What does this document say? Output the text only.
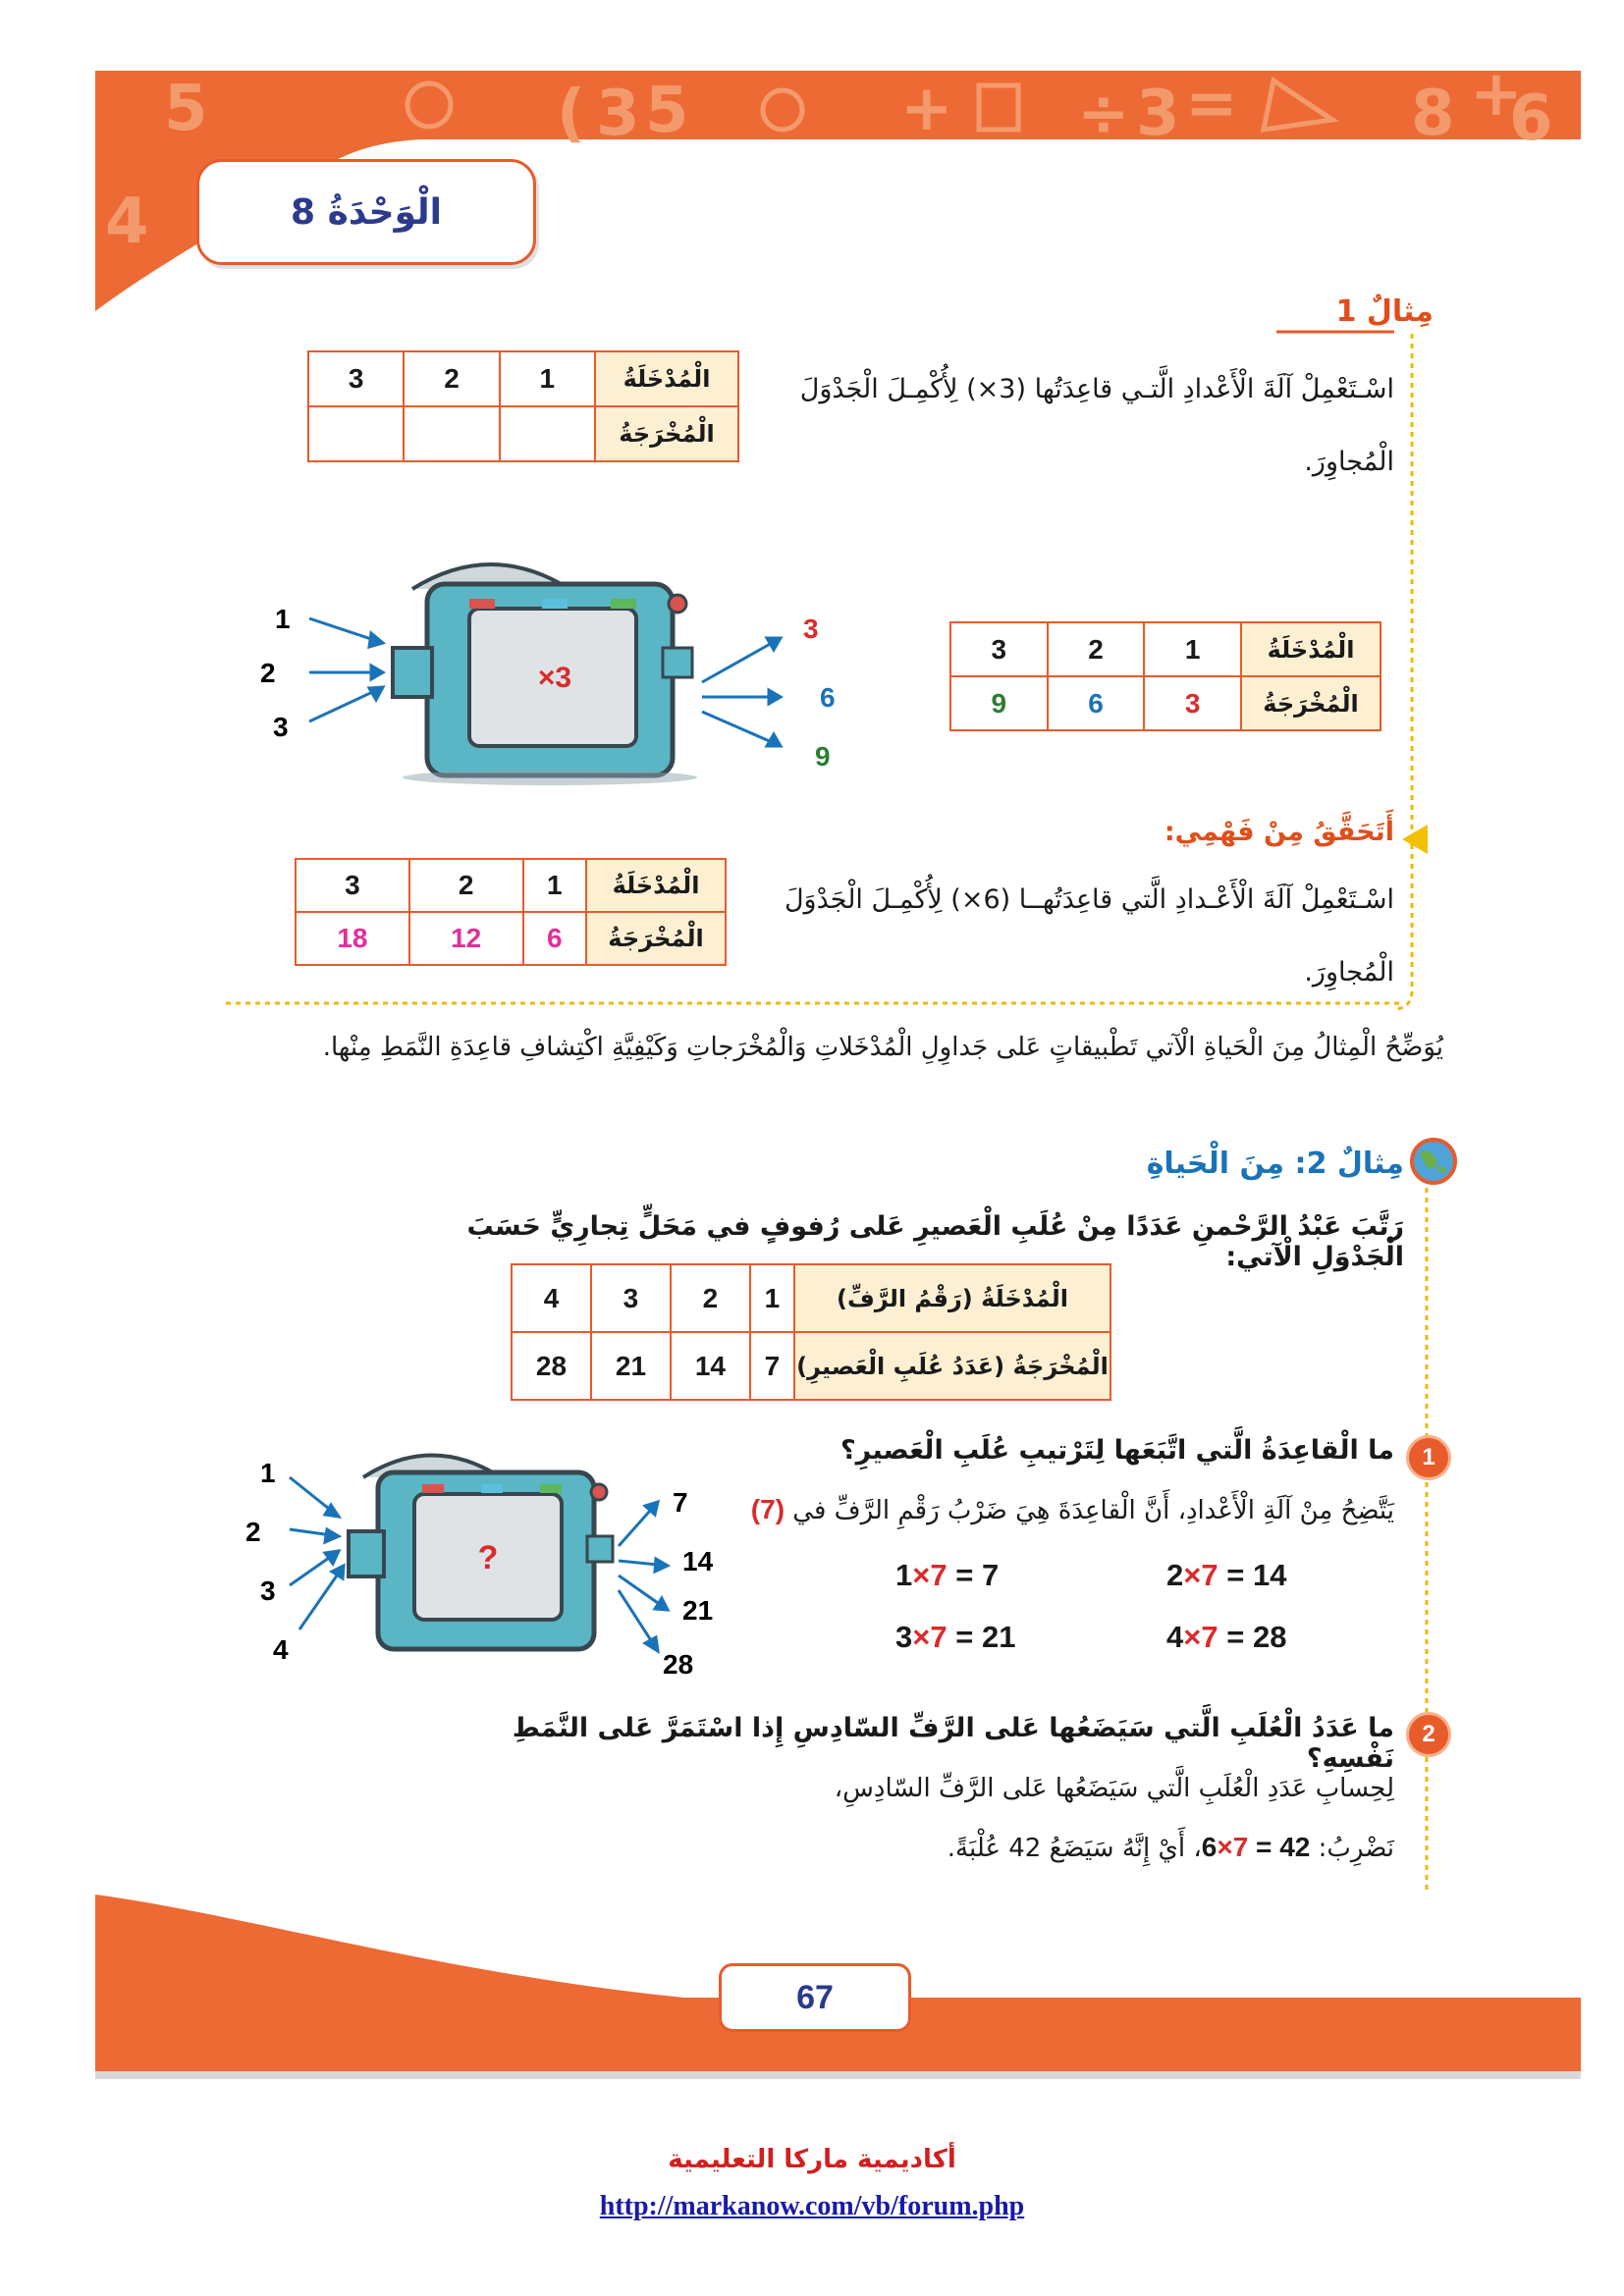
5	( 3 5	+ ÷ 3 =	8 +
6
4	الْوَحْدَةُ 8
مِثالٌ 1
اسْـتَعْمِلْ آلَةَ الْأَعْدادِ الَّتـي قاعِدَتُها (3×) لِأُكْمِـلَ الْجَدْوَلَ
الْمُجاوِرَ.
الْمُدْخَلَةُ	1	2	3
الْمُخْرَجَةُ			
×3
1
2
3
3
6
9
الْمُدْخَلَةُ	1	2	3
الْمُخْرَجَةُ	3	6	9
أَتَحَقَّقُ مِنْ فَهْمِي:
اسْـتَعْمِلْ آلَةَ الْأَعْـدادِ الَّتي قاعِدَتُهــا (6×) لِأُكْمِـلَ الْجَدْوَلَ
الْمُجاوِرَ.
الْمُدْخَلَةُ	1	2	3
الْمُخْرَجَةُ	6	12	18
يُوَضِّحُ الْمِثالُ مِنَ الْحَياةِ الْآتي تَطْبيقاتٍ عَلى جَداوِلِ الْمُدْخَلاتِ وَالْمُخْرَجاتِ وَكَيْفِيَّةِ اكْتِشافِ قاعِدَةِ النَّمَطِ مِنْها.
مِثالٌ 2: مِنَ الْحَياةِ
رَتَّبَ عَبْدُ الرَّحْمنِ عَدَدًا مِنْ عُلَبِ الْعَصيرِ عَلى رُفوفٍ في مَحَلٍّ تِجارِيٍّ حَسَبَ الْجَدْوَلِ الْآتي:
الْمُدْخَلَةُ (رَقْمُ الرَّفِّ)	1	2	3	4
الْمُخْرَجَةُ (عَدَدُ عُلَبِ الْعَصيرِ)	7	14	21	28
?
1
2
3
4
7
14
21
28
1
ما الْقاعِدَةُ الَّتي اتَّبَعَها لِتَرْتيبِ عُلَبِ الْعَصيرِ؟
يَتَّضِحُ مِنْ آلَةِ الْأَعْدادِ، أَنَّ الْقاعِدَةَ هِيَ ضَرْبُ رَقْمِ الرَّفِّ في (7)
2×7 = 14
1×7 = 7
4×7 = 28
3×7 = 21
2
ما عَدَدُ الْعُلَبِ الَّتي سَيَضَعُها عَلى الرَّفِّ السّادِسِ إِذا اسْتَمَرَّ عَلى النَّمَطِ نَفْسِهِ؟
لِحِسابِ عَدَدِ الْعُلَبِ الَّتي سَيَضَعُها عَلى الرَّفِّ السّادِسِ،
نَضْرِبُ: 42 = 7×6، أَيْ إِنَّهُ سَيَضَعُ 42 عُلْبَةً.
67
أكاديمية ماركا التعليمية
http://markanow.com/vb/forum.php
